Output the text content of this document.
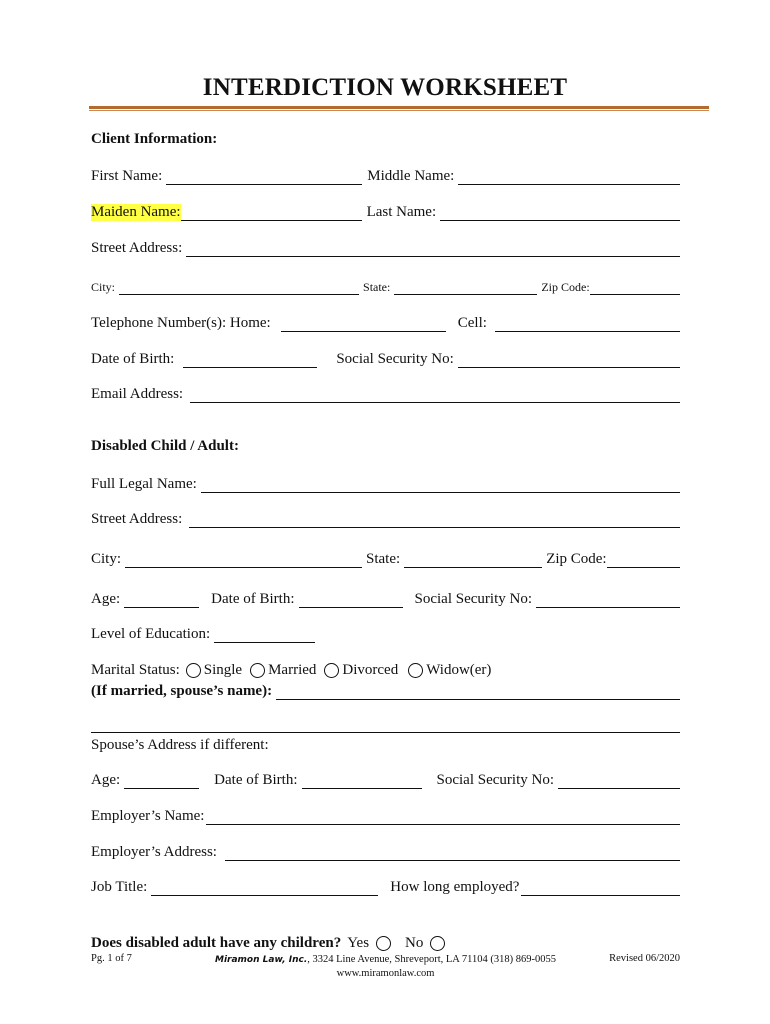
INTERDICTION WORKSHEET
Client Information:
First Name:	Middle Name:
Maiden Name:	Last Name:
Street Address:
City:	State:	Zip Code:
Telephone Number(s): Home:	Cell:
Date of Birth:	Social Security No:
Email Address:
Disabled Child / Adult:
Full Legal Name:
Street Address:
City:	State:	Zip Code:
Age:	Date of Birth:	Social Security No:
Level of Education:
Marital Status: Single Married Divorced Widow(er)
(If married, spouse’s name):
Spouse’s Address if different:
Age:	Date of Birth:	Social Security No:
Employer’s Name:
Employer’s Address:
Job Title:	How long employed?
Does disabled adult have any children? Yes No
Pg. 1 of 7	Miramon Law, Inc., 3324 Line Avenue, Shreveport, LA 71104 (318) 869-0055
www.miramonlaw.com
Revised 06/2020
